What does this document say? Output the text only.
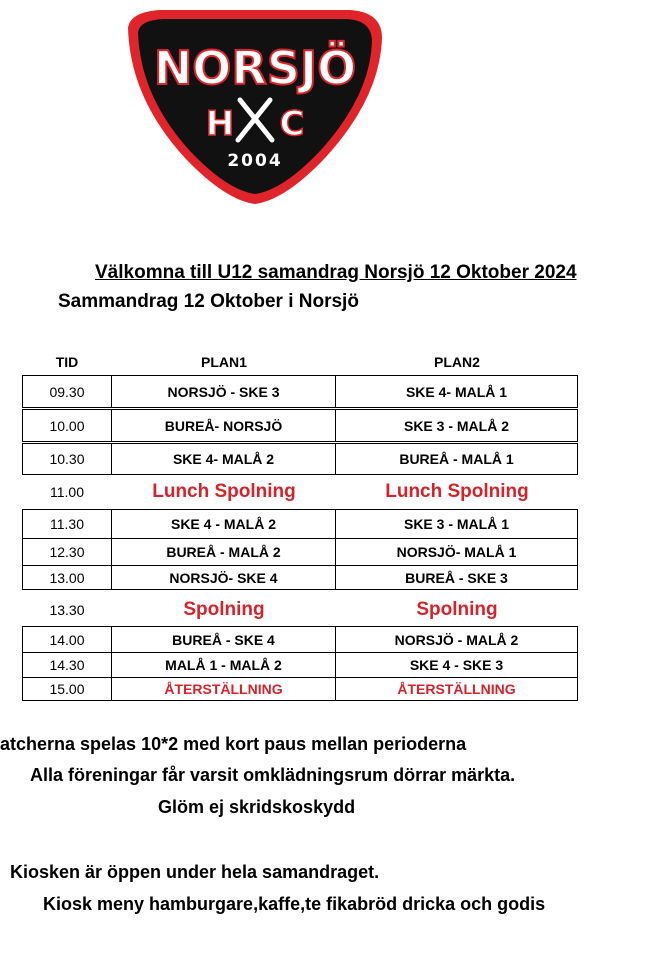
NORSJÖ
H C
2004
Välkomna till U12 samandrag Norsjö 12 Oktober 2024
Sammandrag 12 Oktober i Norsjö
TID	PLAN1	PLAN2
09.30	NORSJÖ - SKE 3	SKE 4- MALÅ 1
10.00	BUREÅ- NORSJÖ	SKE 3 - MALÅ 2
10.30	SKE 4- MALÅ 2	BUREÅ - MALÅ 1
11.00	Lunch Spolning	Lunch Spolning
11.30	SKE 4 - MALÅ 2	SKE 3 - MALÅ 1
12.30	BUREÅ - MALÅ 2	NORSJÖ- MALÅ 1
13.00	NORSJÖ- SKE 4	BUREÅ - SKE 3
13.30	Spolning	Spolning
14.00	BUREÅ - SKE 4	NORSJÖ - MALÅ 2
14.30	MALÅ 1 - MALÅ 2	SKE 4 - SKE 3
15.00	ÅTERSTÄLLNING	ÅTERSTÄLLNING
atcherna spelas 10*2 med kort paus mellan perioderna
Alla föreningar får varsit omklädningsrum dörrar märkta.
Glöm ej skridskoskydd
Kiosken är öppen under hela samandraget.
Kiosk meny hamburgare,kaffe,te fikabröd dricka och godis
